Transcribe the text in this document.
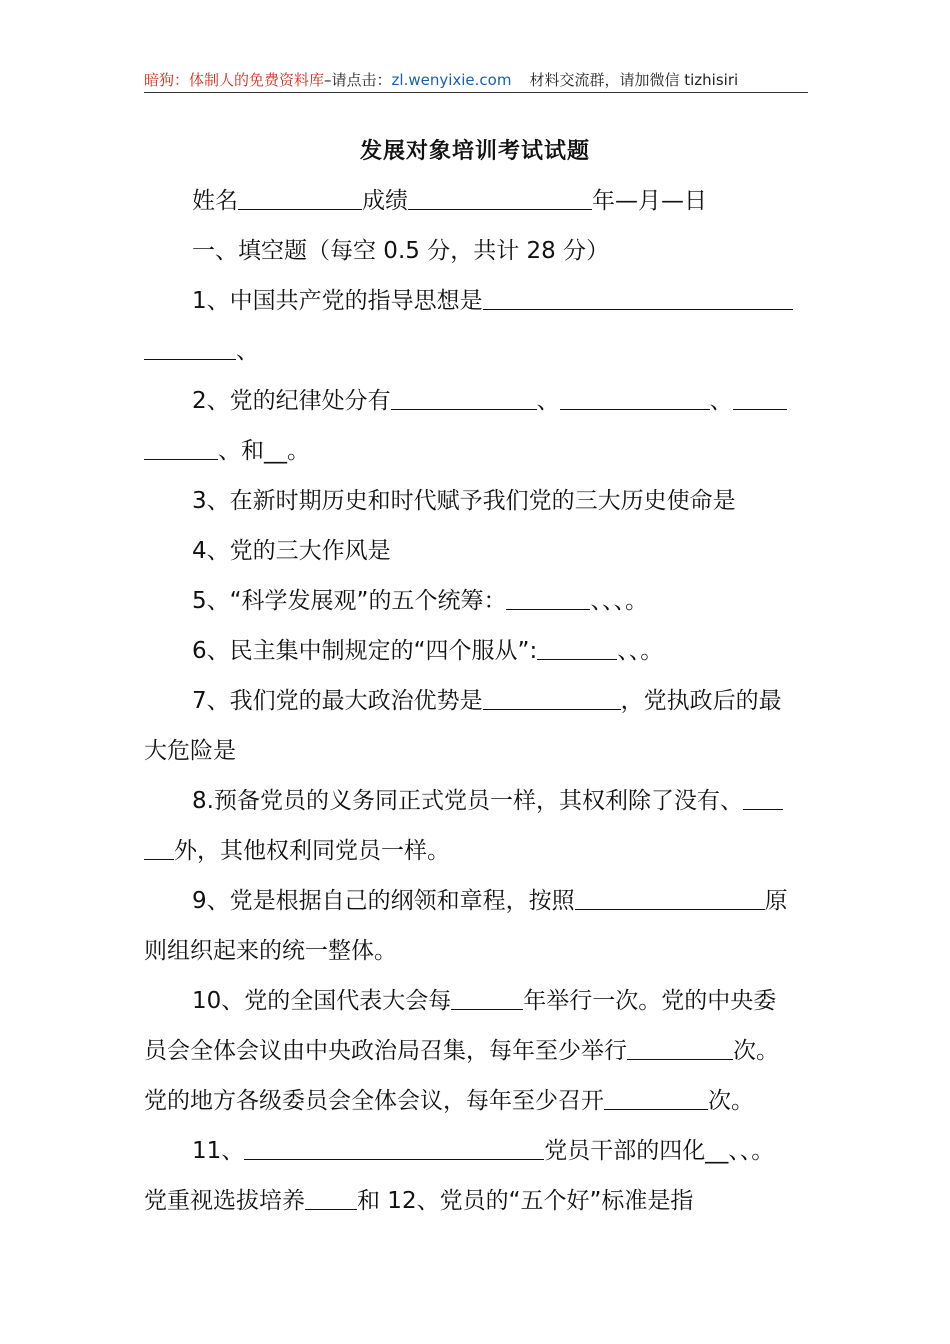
暗狗：体制人的免费资料库–请点击：zl.wenyixie.com 材料交流群，请加微信 tizhisiri
发展对象培训考试试题

姓名	成绩	年—月—日

一、填空题（每空 0.5 分，共计 28 分）

1、中国共产党的指导思想是
、

2、党的纪律处分有	、	、
、和__。

3、在新时期历史和时代赋予我们党的三大历史使命是

4、党的三大作风是

5、“科学发展观”的五个统筹：	、、、。

6、民主集中制规定的“四个服从”:	、、。

7、我们党的最大政治优势是	，党执政后的最
大危险是

8.预备党员的义务同正式党员一样，其权利除了没有、
外，其他权利同党员一样。

9、党是根据自己的纲领和章程，按照	原
则组织起来的统一整体。

10、党的全国代表大会每	年举行一次。党的中央委
员会全体会议由中央政治局召集，每年至少举行	次。
党的地方各级委员会全体会议，每年至少召开	次。

11、	党员干部的四化__、、。
党重视选拔培养 和 12、党员的“五个好”标准是指
